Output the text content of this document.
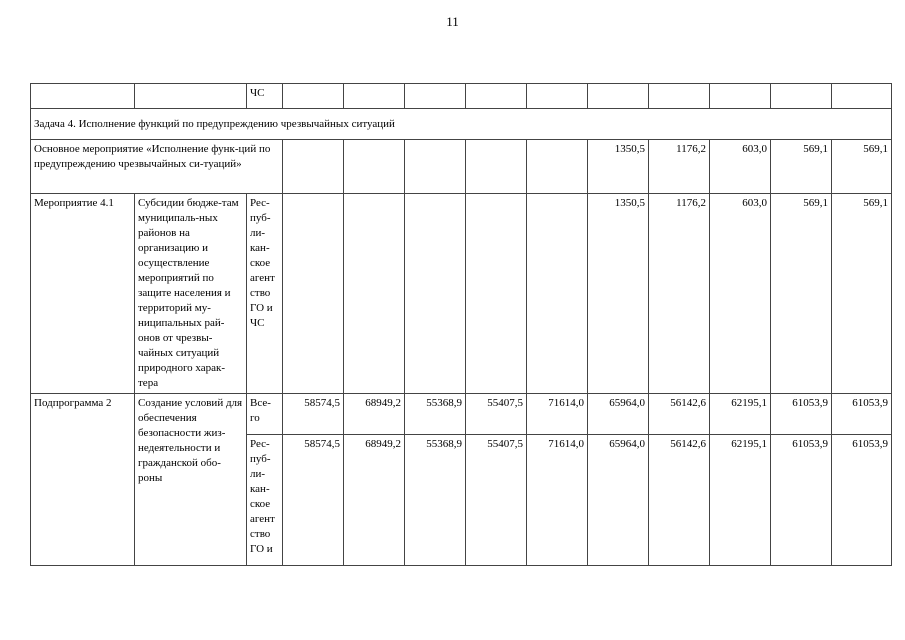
11
		ЧС										
Задача 4. Исполнение функций по предупреждению чрезвычайных ситуаций												
Основное мероприятие «Исполнение функ-ций по предупреждению чрезвычайных си-туаций»								1350,5	1176,2	603,0	569,1	569,1
Мероприятие 4.1	Субсидии бюдже-там муниципаль-ных районов на организацию и осуществление мероприятий по защите населения и территорий му-ниципальных рай-онов от чрезвы-чайных ситуаций природного харак-тера	Рес-пуб-ли-кан-ское агент ство ГО и ЧС						1350,5	1176,2	603,0	569,1	569,1
Подпрограмма 2	Создание условий для обеспечения безопасности жиз-недеятельности и гражданской обо-роны	Все-го	58574,5	68949,2	55368,9	55407,5	71614,0	65964,0	56142,6	62195,1	61053,9	61053,9
		Рес-пуб-ли-кан-ское агент ство ГО и	58574,5	68949,2	55368,9	55407,5	71614,0	65964,0	56142,6	62195,1	61053,9	61053,9
